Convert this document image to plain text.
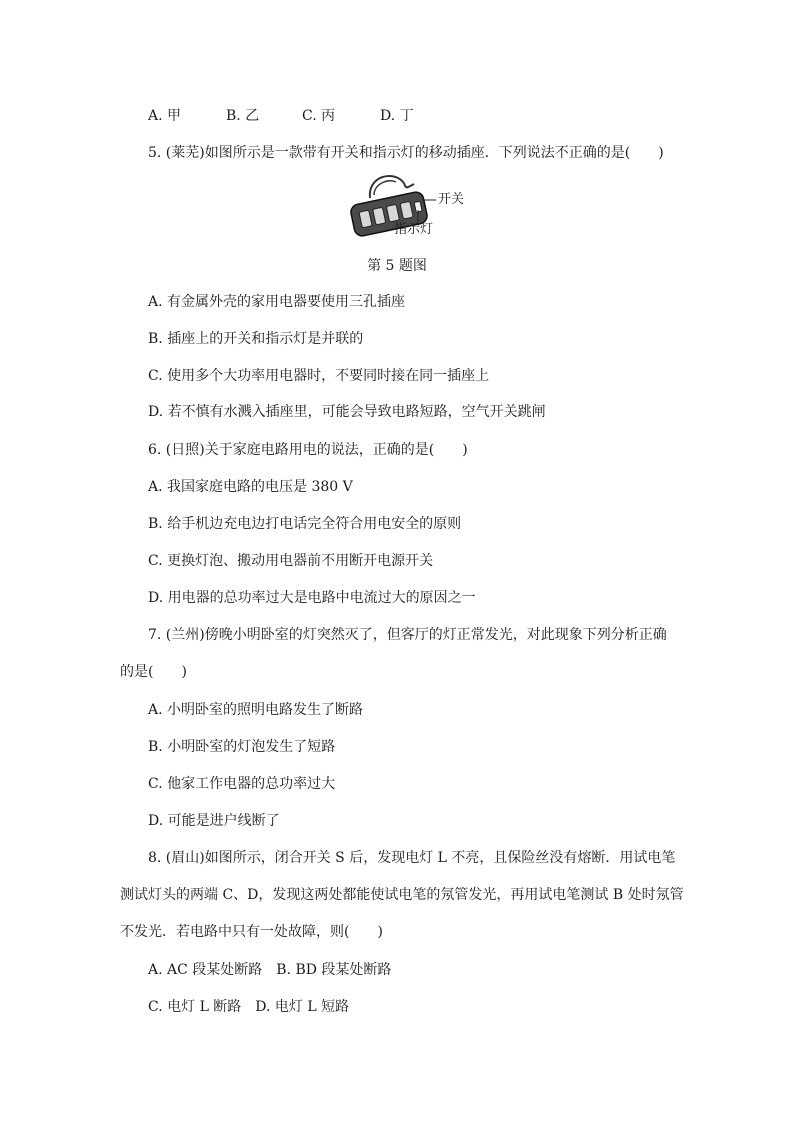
A. 甲	B. 乙	C. 丙	D. 丁
5. (莱芜)如图所示是一款带有开关和指示灯的移动插座．下列说法不正确的是(　　)
开关
指示灯
第 5 题图
A. 有金属外壳的家用电器要使用三孔插座
B. 插座上的开关和指示灯是并联的
C. 使用多个大功率用电器时，不要同时接在同一插座上
D. 若不慎有水溅入插座里，可能会导致电路短路，空气开关跳闸
6. (日照)关于家庭电路用电的说法，正确的是(　　)
A. 我国家庭电路的电压是 380 V
B. 给手机边充电边打电话完全符合用电安全的原则
C. 更换灯泡、搬动用电器前不用断开电源开关
D. 用电器的总功率过大是电路中电流过大的原因之一
7. (兰州)傍晚小明卧室的灯突然灭了，但客厅的灯正常发光，对此现象下列分析正确
的是(　　)
A. 小明卧室的照明电路发生了断路
B. 小明卧室的灯泡发生了短路
C. 他家工作电器的总功率过大
D. 可能是进户线断了
8. (眉山)如图所示，闭合开关 S 后，发现电灯 L 不亮，且保险丝没有熔断．用试电笔
测试灯头的两端 C、D，发现这两处都能使试电笔的氖管发光，再用试电笔测试 B 处时氖管
不发光．若电路中只有一处故障，则(　　)
A. AC 段某处断路　B. BD 段某处断路
C. 电灯 L 断路　D. 电灯 L 短路
